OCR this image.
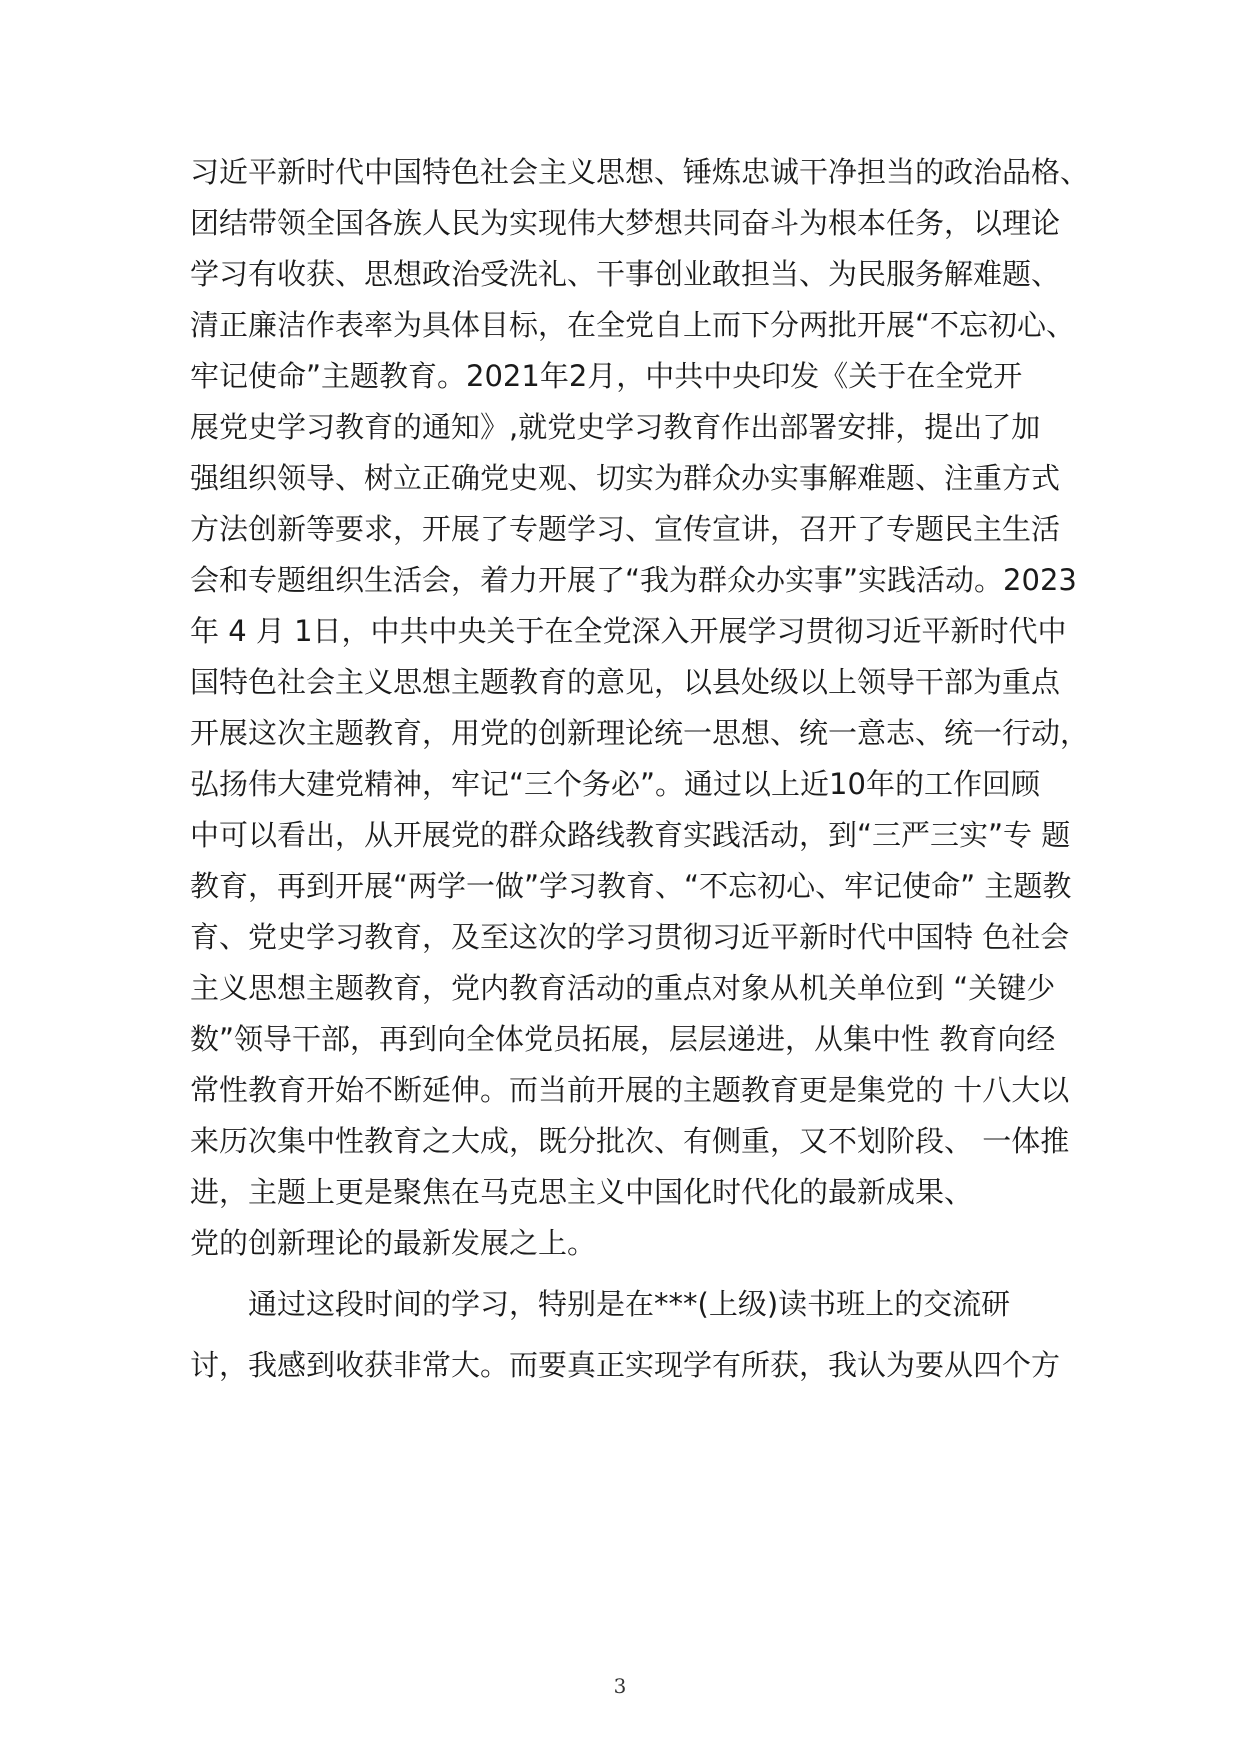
习近平新时代中国特色社会主义思想、锤炼忠诚干净担当的政治品格、
团结带领全国各族人民为实现伟大梦想共同奋斗为根本任务，以理论
学习有收获、思想政治受洗礼、干事创业敢担当、为民服务解难题、
清正廉洁作表率为具体目标，在全党自上而下分两批开展“不忘初心、
牢记使命”主题教育。2021年2月，中共中央印发《关于在全党开
展党史学习教育的通知》,就党史学习教育作出部署安排，提出了加
强组织领导、树立正确党史观、切实为群众办实事解难题、注重方式
方法创新等要求，开展了专题学习、宣传宣讲，召开了专题民主生活
会和专题组织生活会，着力开展了“我为群众办实事”实践活动。2023
年 4 月 1日，中共中央关于在全党深入开展学习贯彻习近平新时代中
国特色社会主义思想主题教育的意见，以县处级以上领导干部为重点
开展这次主题教育，用党的创新理论统一思想、统一意志、统一行动，
弘扬伟大建党精神，牢记“三个务必”。通过以上近10年的工作回顾
中可以看出，从开展党的群众路线教育实践活动，到“三严三实”专 题
教育，再到开展“两学一做”学习教育、“不忘初心、牢记使命” 主题教
育、党史学习教育，及至这次的学习贯彻习近平新时代中国特 色社会
主义思想主题教育，党内教育活动的重点对象从机关单位到 “关键少
数”领导干部，再到向全体党员拓展，层层递进，从集中性 教育向经
常性教育开始不断延伸。而当前开展的主题教育更是集党的 十八大以
来历次集中性教育之大成，既分批次、有侧重，又不划阶段、 一体推
进，主题上更是聚焦在马克思主义中国化时代化的最新成果、
党的创新理论的最新发展之上。
通过这段时间的学习，特别是在***(上级)读书班上的交流研
讨，我感到收获非常大。而要真正实现学有所获，我认为要从四个方
3
